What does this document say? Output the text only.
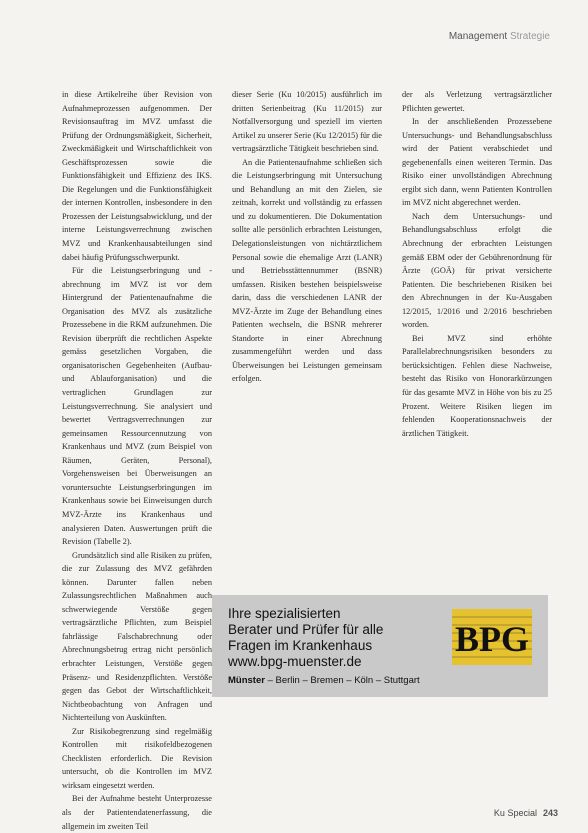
Management Strategie

in diese Artikelreihe über Revision von Aufnahmeprozessen aufgenommen. Der Revisionsauftrag im MVZ umfasst die Prüfung der Ordnungsmäßigkeit, Sicherheit, Zweckmäßigkeit und Wirtschaftlichkeit von Geschäftsprozessen sowie die Funktionsfähigkeit und Effizienz des IKS. Die Regelungen und die Funktionsfähigkeit der internen Kontrollen, insbesondere in den Prozessen der Leistungsabwicklung, und der interne Leistungsverrechnung zwischen MVZ und Krankenhausabteilungen sind dabei häufig Prüfungsschwerpunkt.

Für die Leistungserbringung und -abrechnung im MVZ ist vor dem Hintergrund der Patientenaufnahme die Organisation des MVZ als zusätzliche Prozessebene in die RKM aufzunehmen. Die Revision überprüft die rechtlichen Aspekte gemäss gesetzlichen Vorgaben, die organisatorischen Gegebenheiten (Aufbau- und Ablauforganisation) und die vertraglichen Grundlagen zur Leistungsverrechnung. Sie analysiert und bewertet Vertragsverrechnungen zur gemeinsamen Ressourcennutzung von Krankenhaus und MVZ (zum Beispiel von Räumen, Geräten, Personal), Vorgehensweisen bei Überweisungen an voruntersuchte Leistungserbringungen im Krankenhaus sowie bei Einweisungen durch MVZ-Ärzte ins Krankenhaus und analysieren Daten. Auswertungen prüft die Revision (Tabelle 2).

Grundsätzlich sind alle Risiken zu prüfen, die zur Zulassung des MVZ gefährden können. Darunter fallen neben Zulassungsrechtlichen Maßnahmen auch schwerwiegende Verstöße gegen vertragsärztliche Pflichten, zum Beispiel fahrlässige Falschabrechnung oder Abrechnungsbetrug ertrag nicht persönlich erbrachter Leistungen, Verstöße gegen Präsenz- und Residenzpflichten. Verstöße gegen das Gebot der Wirtschaftlichkeit, Nichtbeobachtung von Anfragen und Nichterteilung von Auskünften.

Zur Risikobegrenzung sind regelmäßig Kontrollen mit risikofeldbezogenen Checklisten erforderlich. Die Revision untersucht, ob die Kontrollen im MVZ wirksam eingesetzt werden.

Bei der Aufnahme besteht Unterprozesse als der Patientendatenerfassung, die allgemein im zweiten Teil

dieser Serie (Ku 10/2015) ausführlich im dritten Serienbeitrag (Ku 11/2015) zur Notfallversorgung und speziell im vierten Artikel zu unserer Serie (Ku 12/2015) für die vertragsärztliche Tätigkeit beschrieben sind.

An die Patientenaufnahme schließen sich die Leistungserbringung mit Untersuchung und Behandlung an mit den Zielen, sie zeitnah, korrekt und vollständig zu erfassen und zu dokumentieren. Die Dokumentation sollte alle persönlich erbrachten Leistungen, Delegationsleistungen von nichtärztlichem Personal sowie die ehemalige Arzt (LANR) und Betriebsstättennummer (BSNR) umfassen. Risiken bestehen beispielsweise darin, dass die verschiedenen LANR der MVZ-Ärzte im Zuge der Behandlung eines Patienten wechseln, die BSNR mehrerer Standorte in einer Abrechnung zusammengeführt werden und dass Überweisungen bei Leistungen gemeinsam erfolgen.

der als Verletzung vertragsärztlicher Pflichten gewertet.

In der anschließenden Prozessebene Untersuchungs- und Behandlungsabschluss wird der Patient verabschiedet und gegebenenfalls einen weiteren Termin. Das Risiko einer unvollständigen Abrechnung ergibt sich dann, wenn Patienten Kontrollen im MVZ nicht abgerechnet werden.

Nach dem Untersuchungs- und Behandlungsabschluss erfolgt die Abrechnung der erbrachten Leistungen gemäß EBM oder der Gebührenordnung für Ärzte (GOÄ) für privat versicherte Patienten. Die beschriebenen Risiken bei den Abrechnungen in der Ku-Ausgaben 12/2015, 1/2016 und 2/2016 beschrieben worden.

Bei MVZ sind erhöhte Parallelabrechnungsrisiken besonders zu berücksichtigen. Fehlen diese Nachweise, besteht das Risiko von Honorarkürzungen für das gesamte MVZ in Höhe von bis zu 25 Prozent. Weitere Risiken liegen im fehlenden Kooperationsnachweis der ärztlichen Tätigkeit.

Ihre spezialisierten
Berater und Prüfer für alle
Fragen im Krankenhaus
www.bpg-muenster.de
Münster – Berlin – Bremen – Köln – Stuttgart
BPG
Ku Special 243
